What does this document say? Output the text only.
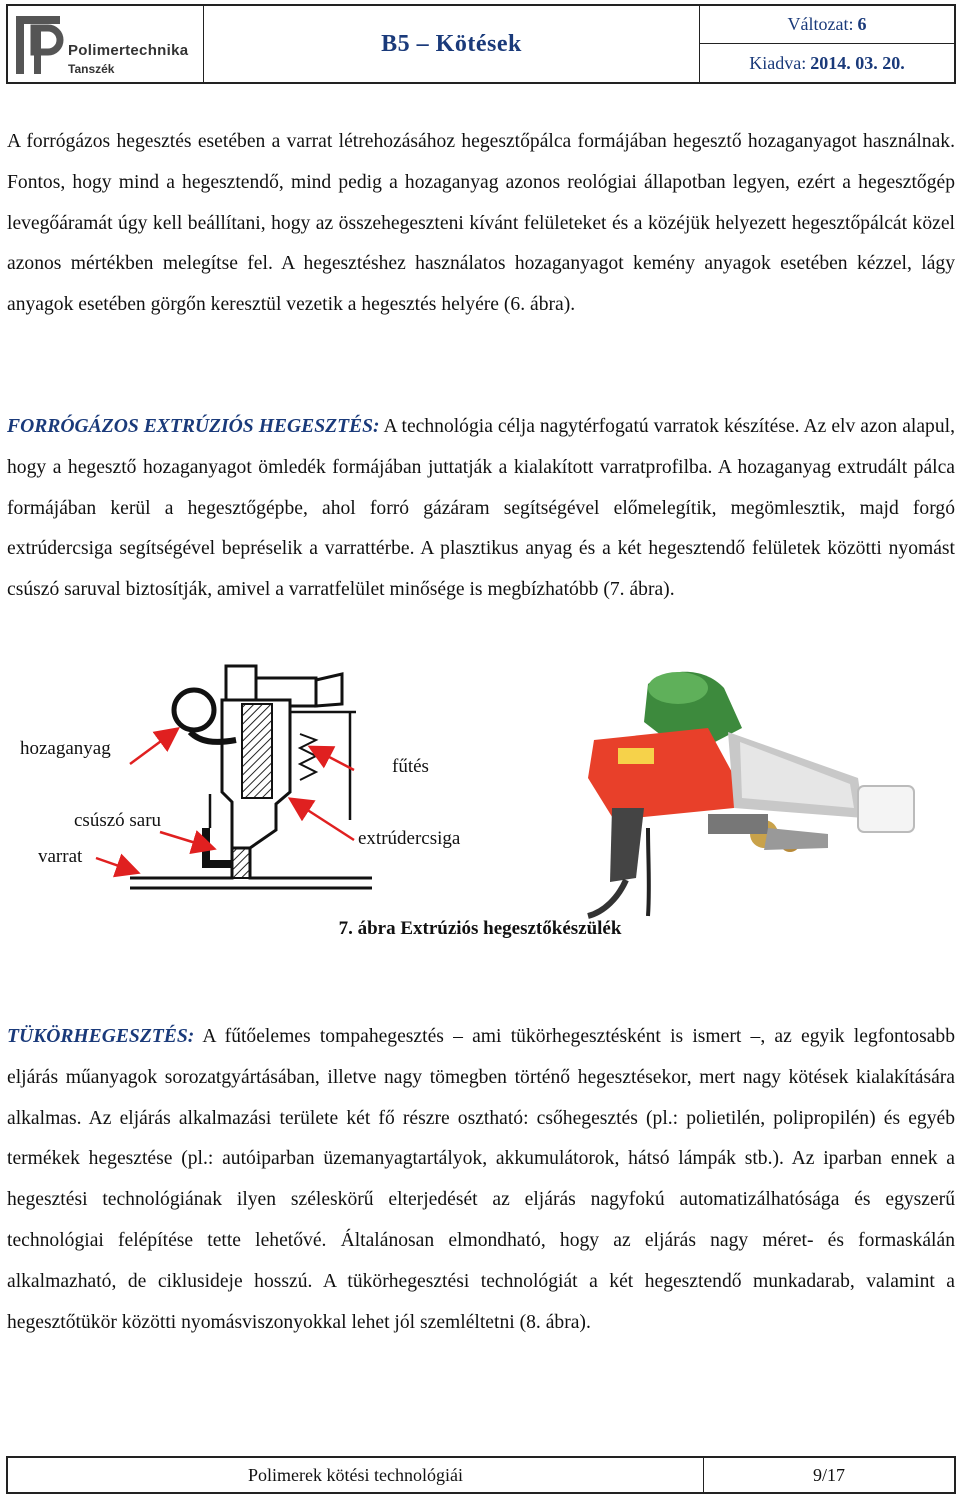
Polimertechnika
Tanszék
B5 – Kötések
Változat: 6
Kiadva: 2014. 03. 20.

A forrógázos hegesztés esetében a varrat létrehozásához hegesztőpálca formájában hegesztő hozaganyagot használnak. Fontos, hogy mind a hegesztendő, mind pedig a hozaganyag azonos reológiai állapotban legyen, ezért a hegesztőgép levegőáramát úgy kell beállítani, hogy az összehegeszteni kívánt felületeket és a közéjük helyezett hegesztőpálcát közel azonos mértékben melegítse fel. A hegesztéshez használatos hozaganyagot kemény anyagok esetében kézzel, lágy anyagok esetében görgőn keresztül vezetik a hegesztés helyére (6. ábra).

FORRÓGÁZOS EXTRÚZIÓS HEGESZTÉS: A technológia célja nagytérfogatú varratok készítése. Az elv azon alapul, hogy a hegesztő hozaganyagot ömledék formájában juttatják a kialakított varratprofilba. A hozaganyag extrudált pálca formájában kerül a hegesztőgépbe, ahol forró gázáram segítségével előmelegítik, megömlesztik, majd forgó extrúdercsiga segítségével bepréselik a varrattérbe. A plasztikus anyag és a két hegesztendő felületek közötti nyomást csúszó saruval biztosítják, amivel a varratfelület minősége is megbízhatóbb (7. ábra).

hozaganyag
fűtés
csúszó saru
varrat
extrúdercsiga
7. ábra Extrúziós hegesztőkészülék

TÜKÖRHEGESZTÉS: A fűtőelemes tompahegesztés – ami tükörhegesztésként is ismert –, az egyik legfontosabb eljárás műanyagok sorozatgyártásában, illetve nagy tömegben történő hegesztésekor, mert nagy kötések kialakítására alkalmas. Az eljárás alkalmazási területe két fő részre osztható: csőhegesztés (pl.: polietilén, polipropilén) és egyéb termékek hegesztése (pl.: autóiparban üzemanyagtartályok, akkumulátorok, hátsó lámpák stb.). Az iparban ennek a hegesztési technológiának ilyen széleskörű elterjedését az eljárás nagyfokú automatizálhatósága és egyszerű technológiai felépítése tette lehetővé. Általánosan elmondható, hogy az eljárás nagy méret- és formaskálán alkalmazható, de ciklusideje hosszú. A tükörhegesztési technológiát a két hegesztendő munkadarab, valamint a hegesztőtükör közötti nyomásviszonyokkal lehet jól szemléltetni (8. ábra).

Polimerek kötési technológiái	9/17
